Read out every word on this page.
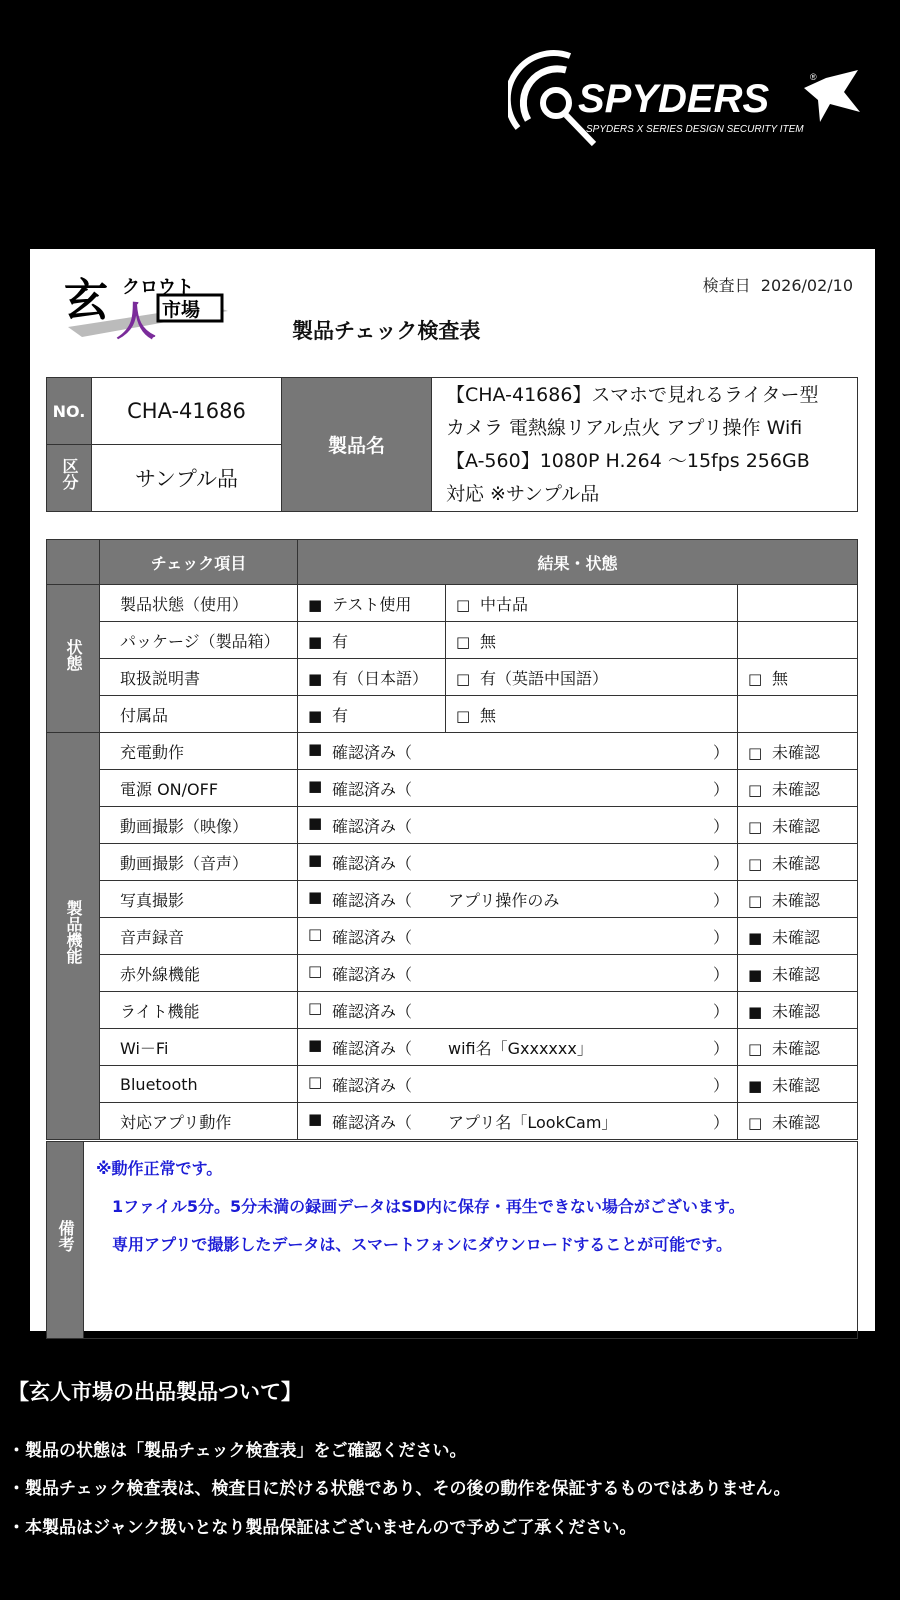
SPYDERS	®
SPYDERS X SERIES DESIGN SECURITY ITEM
玄 人
クロウト
市場
検査日 2026/02/10
製品チェック検査表
NO.	CHA-41686	製品名	【CHA-41686】スマホで見れるライター型
カメラ 電熱線リアル点火 アプリ操作 Wifi
【A-560】1080P H.264 ～15fps 256GB
対応 ※サンプル品

区分	サンプル品		
	チェック項目	結果・状態		
状態	製品状態（使用）	■ テスト使用	□ 中古品	
	パッケージ（製品箱）	■ 有	□ 無	
	取扱説明書	■ 有（日本語）	□ 有（英語中国語）	□ 無
	付属品	■ 有	□ 無	
製品機能	充電動作	■ 確認済み（ ）		□ 未確認
	電源 ON/OFF	■ 確認済み（ ）		□ 未確認
	動画撮影（映像）	■ 確認済み（ ）		□ 未確認
	動画撮影（音声）	■ 確認済み（ ）		□ 未確認
	写真撮影	■ 確認済み（ アプリ操作のみ ）		□ 未確認
	音声録音	□ 確認済み（ ）		■ 未確認
	赤外線機能	□ 確認済み（ ）		■ 未確認
	ライト機能	□ 確認済み（ ）		■ 未確認
	Wi－Fi	■ 確認済み（ wifi名「Gxxxxxx」 ）		□ 未確認
	Bluetooth	□ 確認済み（ ）		■ 未確認
	対応アプリ動作	■ 確認済み（ アプリ名「LookCam」 ）		□ 未確認
備考	
※動作正常です。
1ファイル5分。5分未満の録画データはSD内に保存・再生できない場合がございます。
専用アプリで撮影したデータは、スマートフォンにダウンロードすることが可能です。
【玄人市場の出品製品ついて】
・製品の状態は「製品チェック検査表」をご確認ください。
・製品チェック検査表は、検査日に於ける状態であり、その後の動作を保証するものではありません。
・本製品はジャンク扱いとなり製品保証はございませんので予めご了承ください。
